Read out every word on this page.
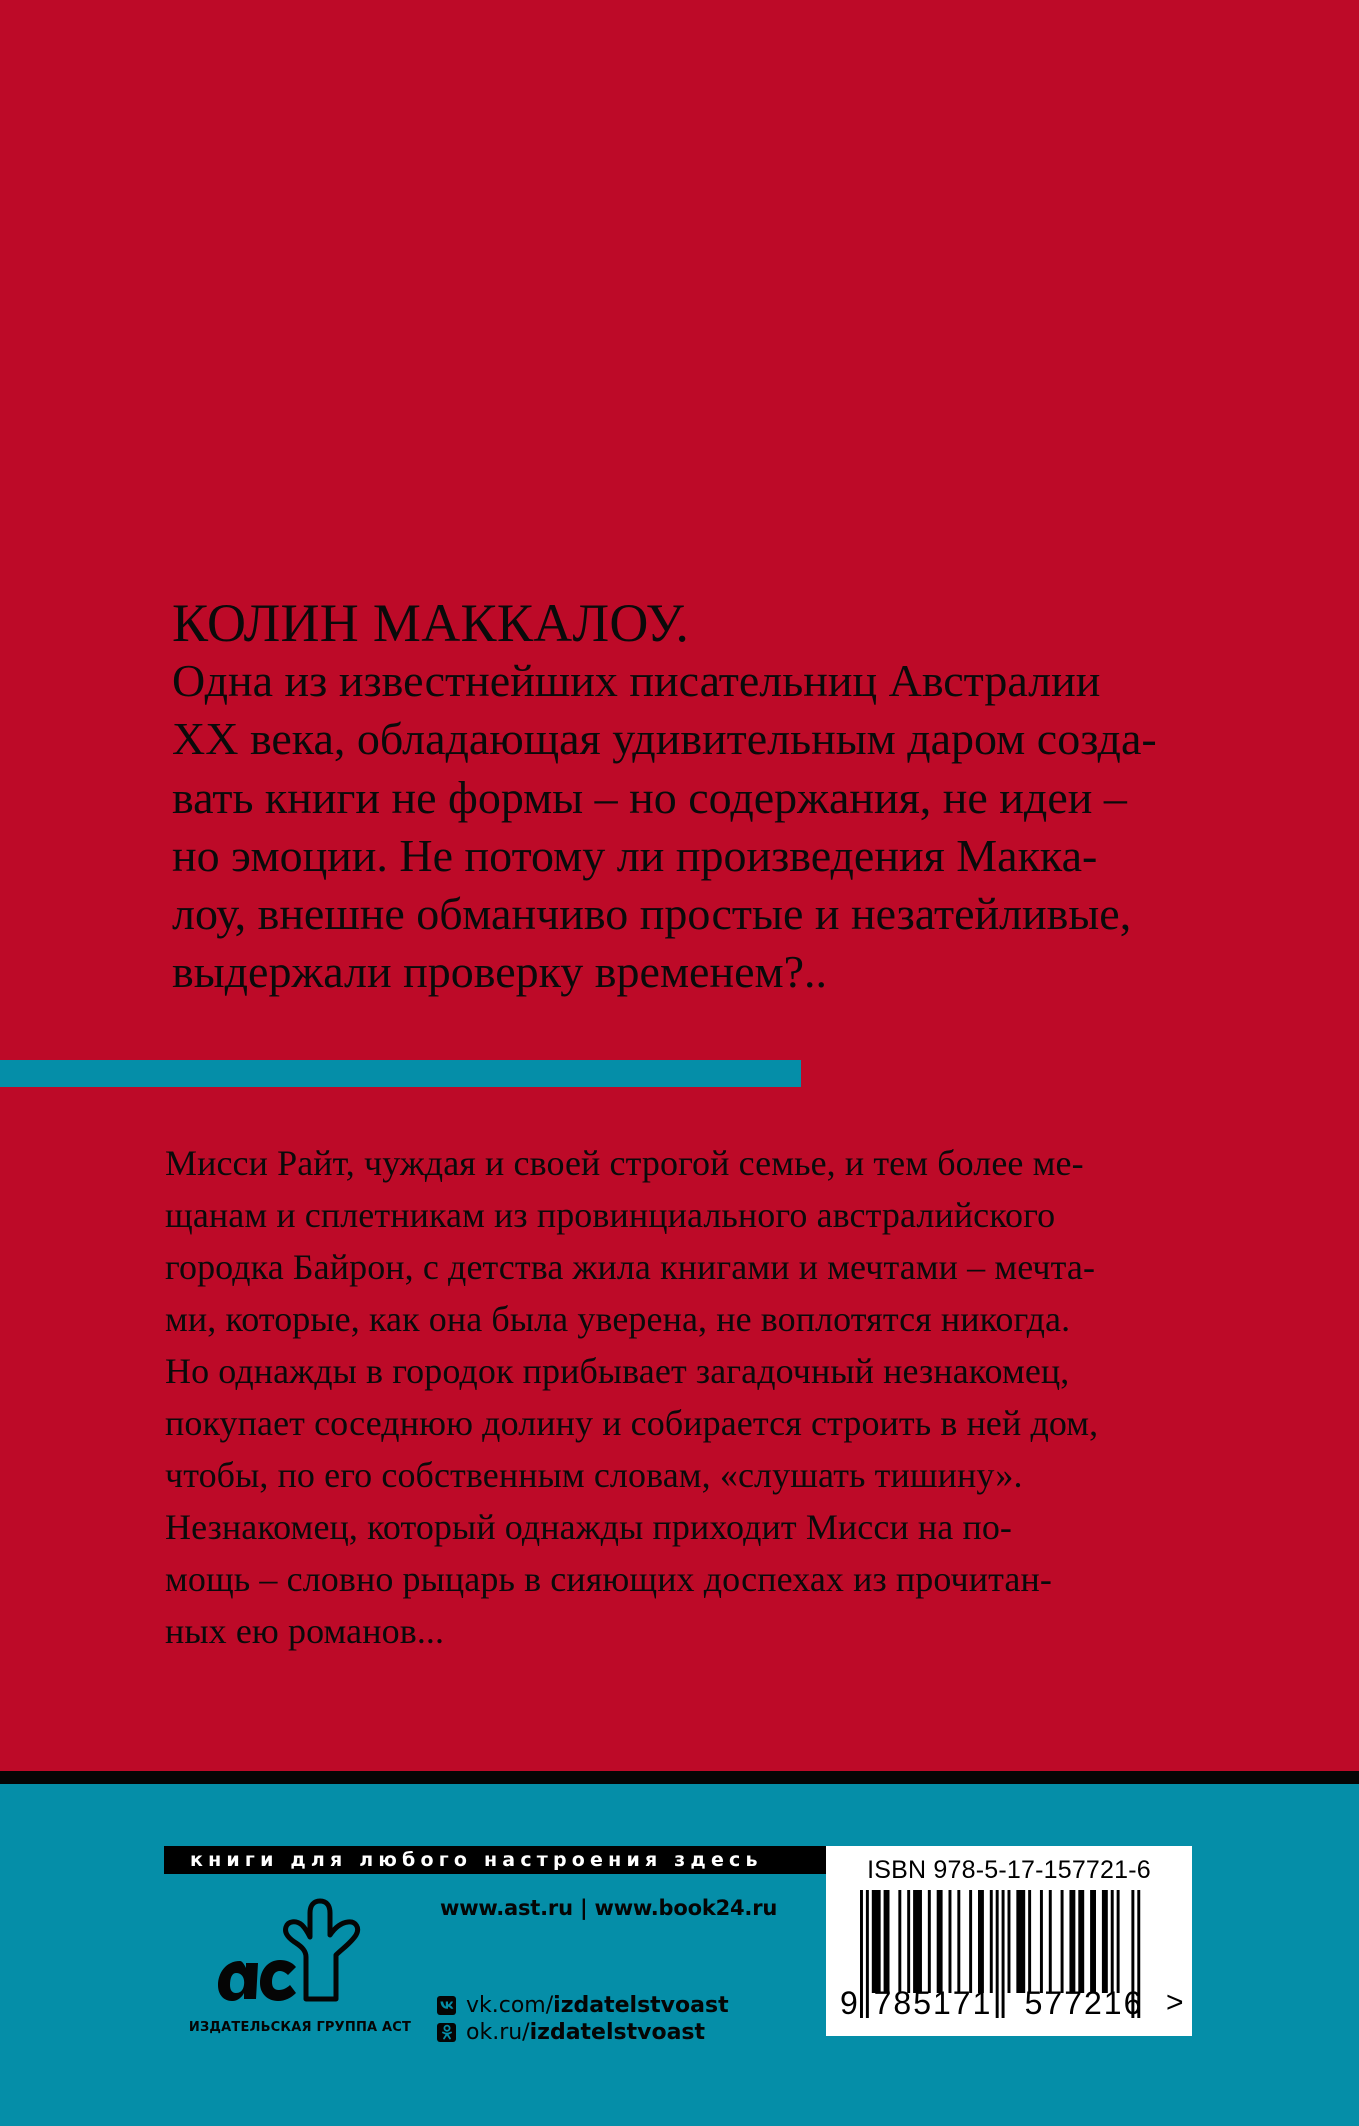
КОЛИН МАККАЛОУ.
Одна из известнейших писательниц Австралии
XX века, обладающая удивительным даром созда-
вать книги не формы – но содержания, не идеи –
но эмоции. Не потому ли произведения Макка-
лоу, внешне обманчиво простые и незатейливые,
выдержали проверку временем?..
Мисси Райт, чуждая и своей строгой семье, и тем более ме-
щанам и сплетникам из провинциального австралийского
городка Байрон, с детства жила книгами и мечтами – мечта-
ми, которые, как она была уверена, не воплотятся никогда.
Но однажды в городок прибывает загадочный незнакомец,
покупает соседнюю долину и собирается строить в ней дом,
чтобы, по его собственным словам, «слушать тишину».
Незнакомец, который однажды приходит Мисси на по-
мощь – словно рыцарь в сияющих доспехах из прочитан-
ных ею романов...
книги для любого настроения здесь
ИЗДАТЕЛЬСКАЯ ГРУППА АСТ
www.ast.ru | www.book24.ru
vk.com/ izdatelstvoast
ok.ru/ izdatelstvoast
ISBN 978-5-17-157721-6
9 785171 577216 >
